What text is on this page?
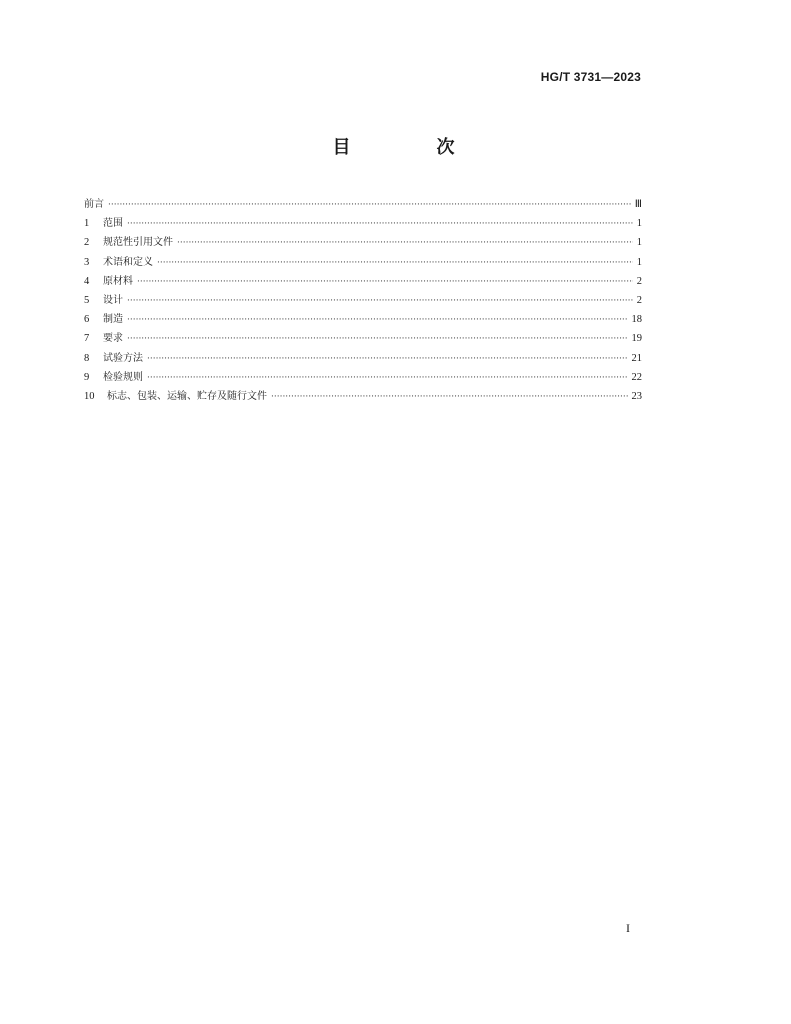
HG/T 3731—2023
目　次
前言 ·····	Ⅲ
1	范围 ·····	1
2	规范性引用文件 ·····	1
3	术语和定义 ·····	1
4	原材料 ·····	2
5	设计 ·····	2
6	制造 ·····	18
7	要求 ·····	19
8	试验方法 ·····	21
9	检验规则 ·····	22
10	标志、包装、运输、贮存及随行文件 ·····	23
I
